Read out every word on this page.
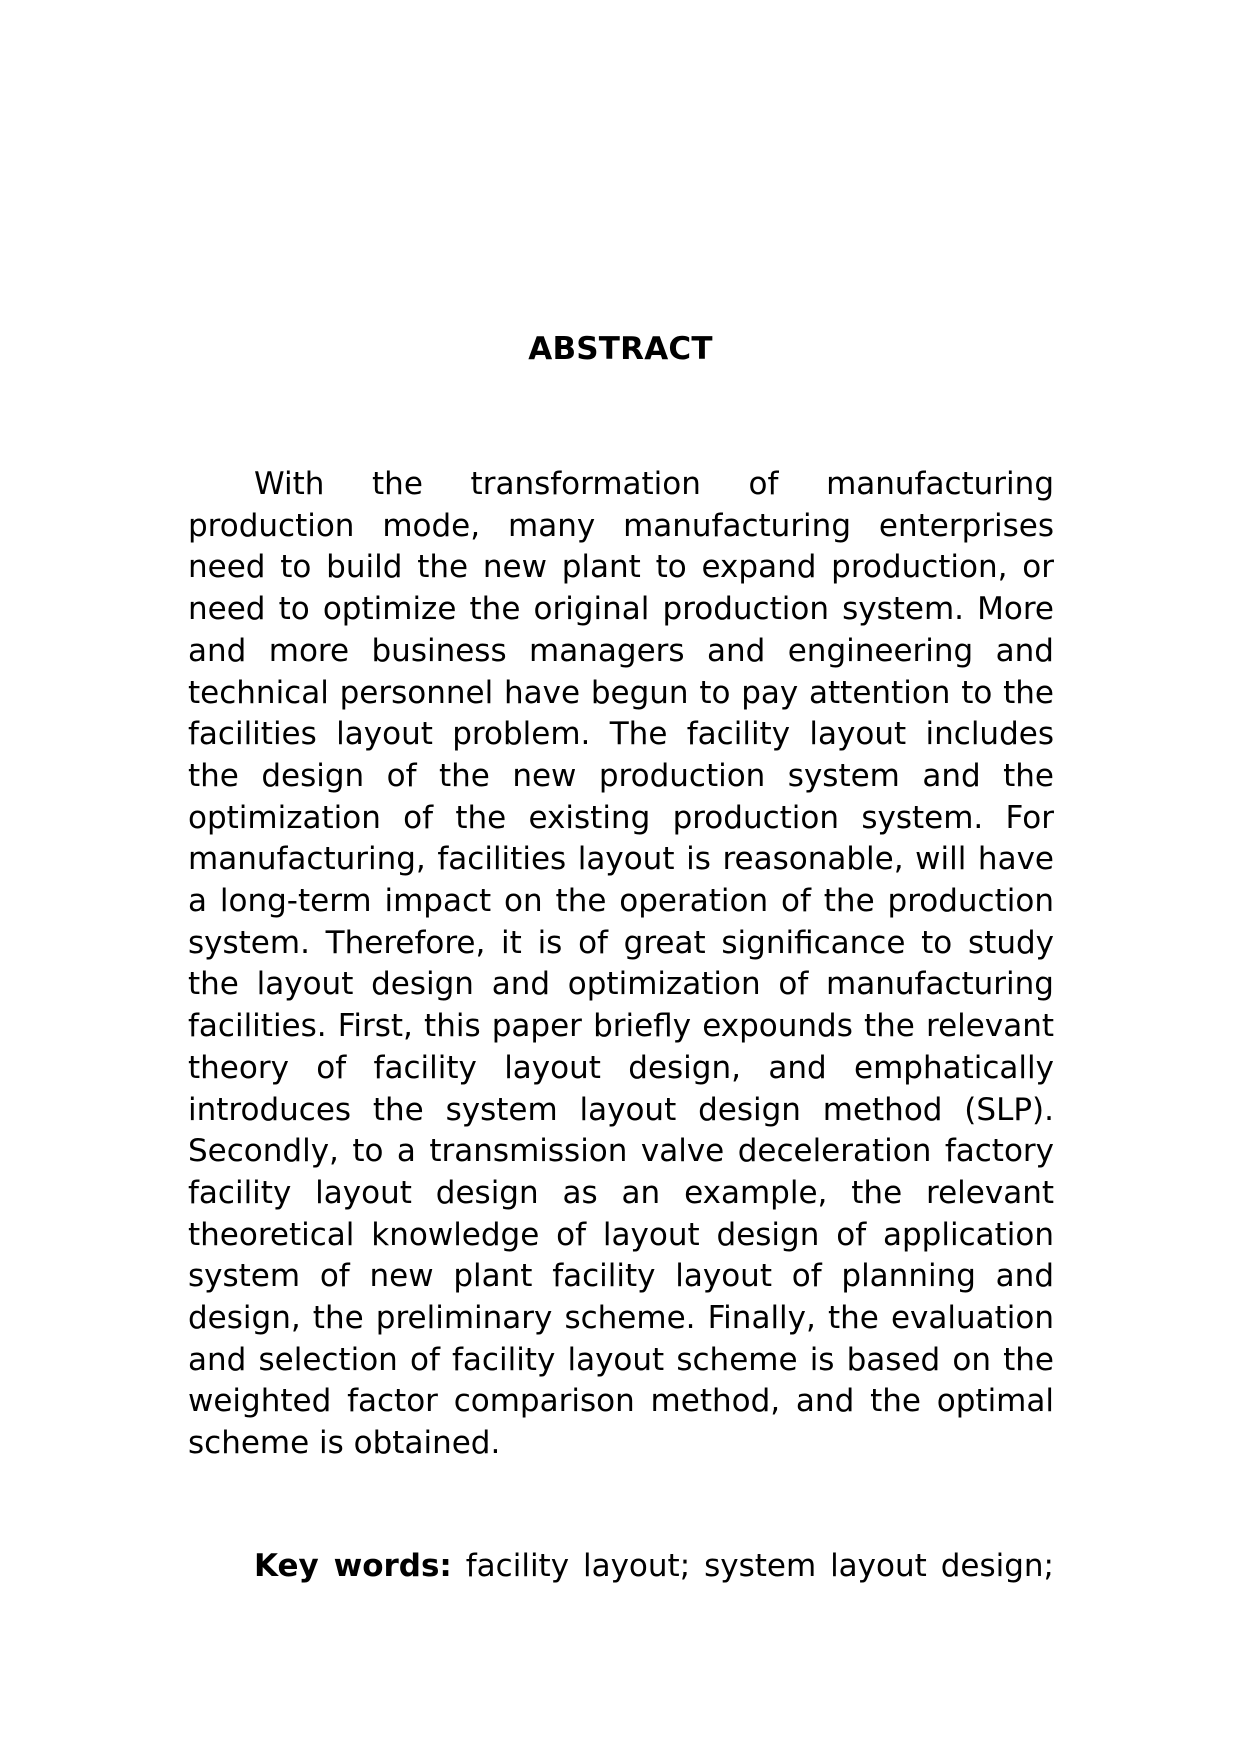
ABSTRACT

With the transformation of manufacturing production mode, many manufacturing enterprises need to build the new plant to expand production, or need to optimize the original production system. More and more business managers and engineering and technical personnel have begun to pay attention to the facilities layout problem. The facility layout includes the design of the new production system and the optimization of the existing production system. For manufacturing, facilities layout is reasonable, will have a long-term impact on the operation of the production system. Therefore, it is of great significance to study the layout design and optimization of manufacturing facilities. First, this paper briefly expounds the relevant theory of facility layout design, and emphatically introduces the system layout design method (SLP). Secondly, to a transmission valve deceleration factory facility layout design as an example, the relevant theoretical knowledge of layout design of application system of new plant facility layout of planning and design, the preliminary scheme. Finally, the evaluation and selection of facility layout scheme is based on the weighted factor comparison method, and the optimal scheme is obtained.

Key words: facility layout; system layout design;
